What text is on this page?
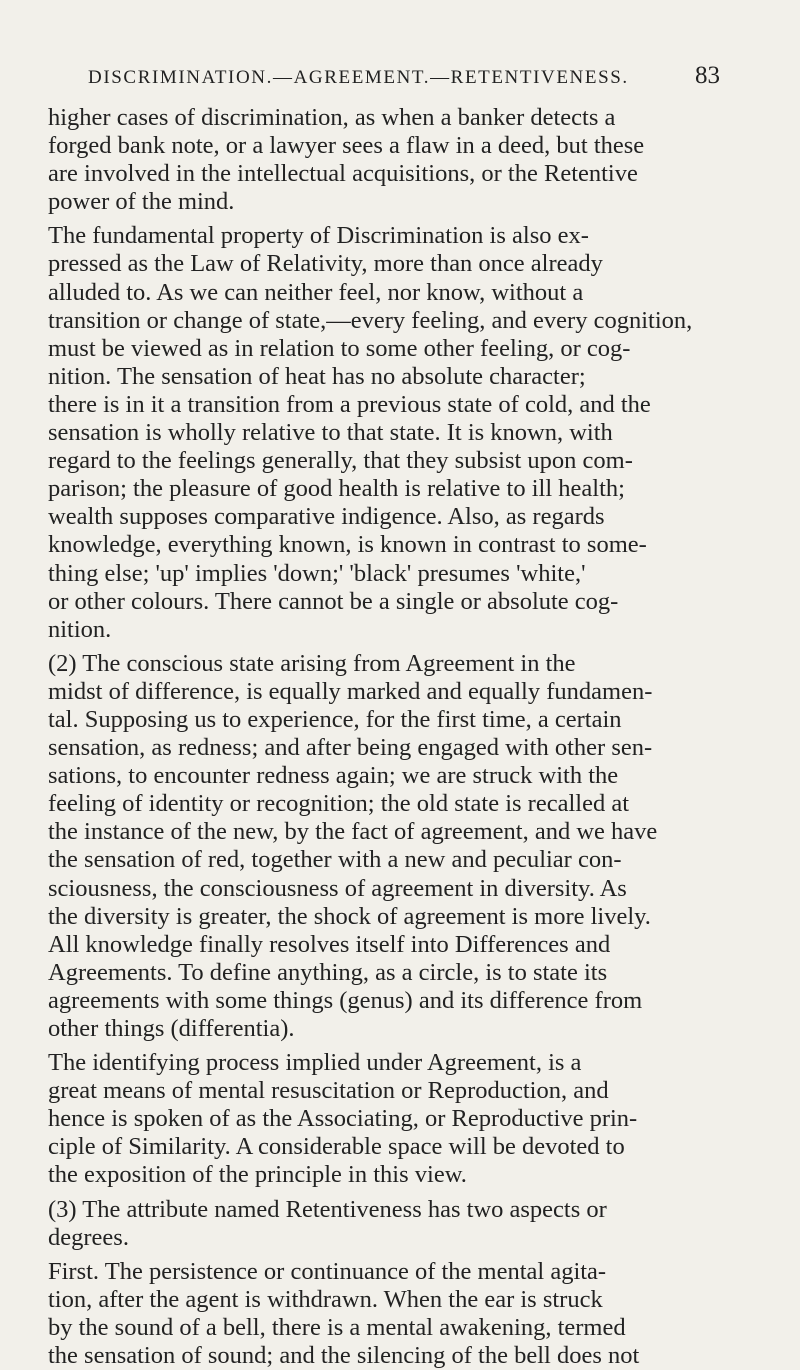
DISCRIMINATION.—AGREEMENT.—RETENTIVENESS.	83
higher cases of discrimination, as when a banker detects a
forged bank note, or a lawyer sees a flaw in a deed, but these
are involved in the intellectual acquisitions, or the Retentive
power of the mind.
The fundamental property of Discrimination is also ex-
pressed as the Law of Relativity, more than once already
alluded to. As we can neither feel, nor know, without a
transition or change of state,—every feeling, and every cognition,
must be viewed as in relation to some other feeling, or cog-
nition. The sensation of heat has no absolute character;
there is in it a transition from a previous state of cold, and the
sensation is wholly relative to that state. It is known, with
regard to the feelings generally, that they subsist upon com-
parison; the pleasure of good health is relative to ill health;
wealth supposes comparative indigence. Also, as regards
knowledge, everything known, is known in contrast to some-
thing else; 'up' implies 'down;' 'black' presumes 'white,'
or other colours. There cannot be a single or absolute cog-
nition.
(2) The conscious state arising from Agreement in the
midst of difference, is equally marked and equally fundamen-
tal. Supposing us to experience, for the first time, a certain
sensation, as redness; and after being engaged with other sen-
sations, to encounter redness again; we are struck with the
feeling of identity or recognition; the old state is recalled at
the instance of the new, by the fact of agreement, and we have
the sensation of red, together with a new and peculiar con-
sciousness, the consciousness of agreement in diversity. As
the diversity is greater, the shock of agreement is more lively.
All knowledge finally resolves itself into Differences and
Agreements. To define anything, as a circle, is to state its
agreements with some things (genus) and its difference from
other things (differentia).
The identifying process implied under Agreement, is a
great means of mental resuscitation or Reproduction, and
hence is spoken of as the Associating, or Reproductive prin-
ciple of Similarity. A considerable space will be devoted to
the exposition of the principle in this view.
(3) The attribute named Retentiveness has two aspects or
degrees.
First. The persistence or continuance of the mental agita-
tion, after the agent is withdrawn. When the ear is struck
by the sound of a bell, there is a mental awakening, termed
the sensation of sound; and the silencing of the bell does not
